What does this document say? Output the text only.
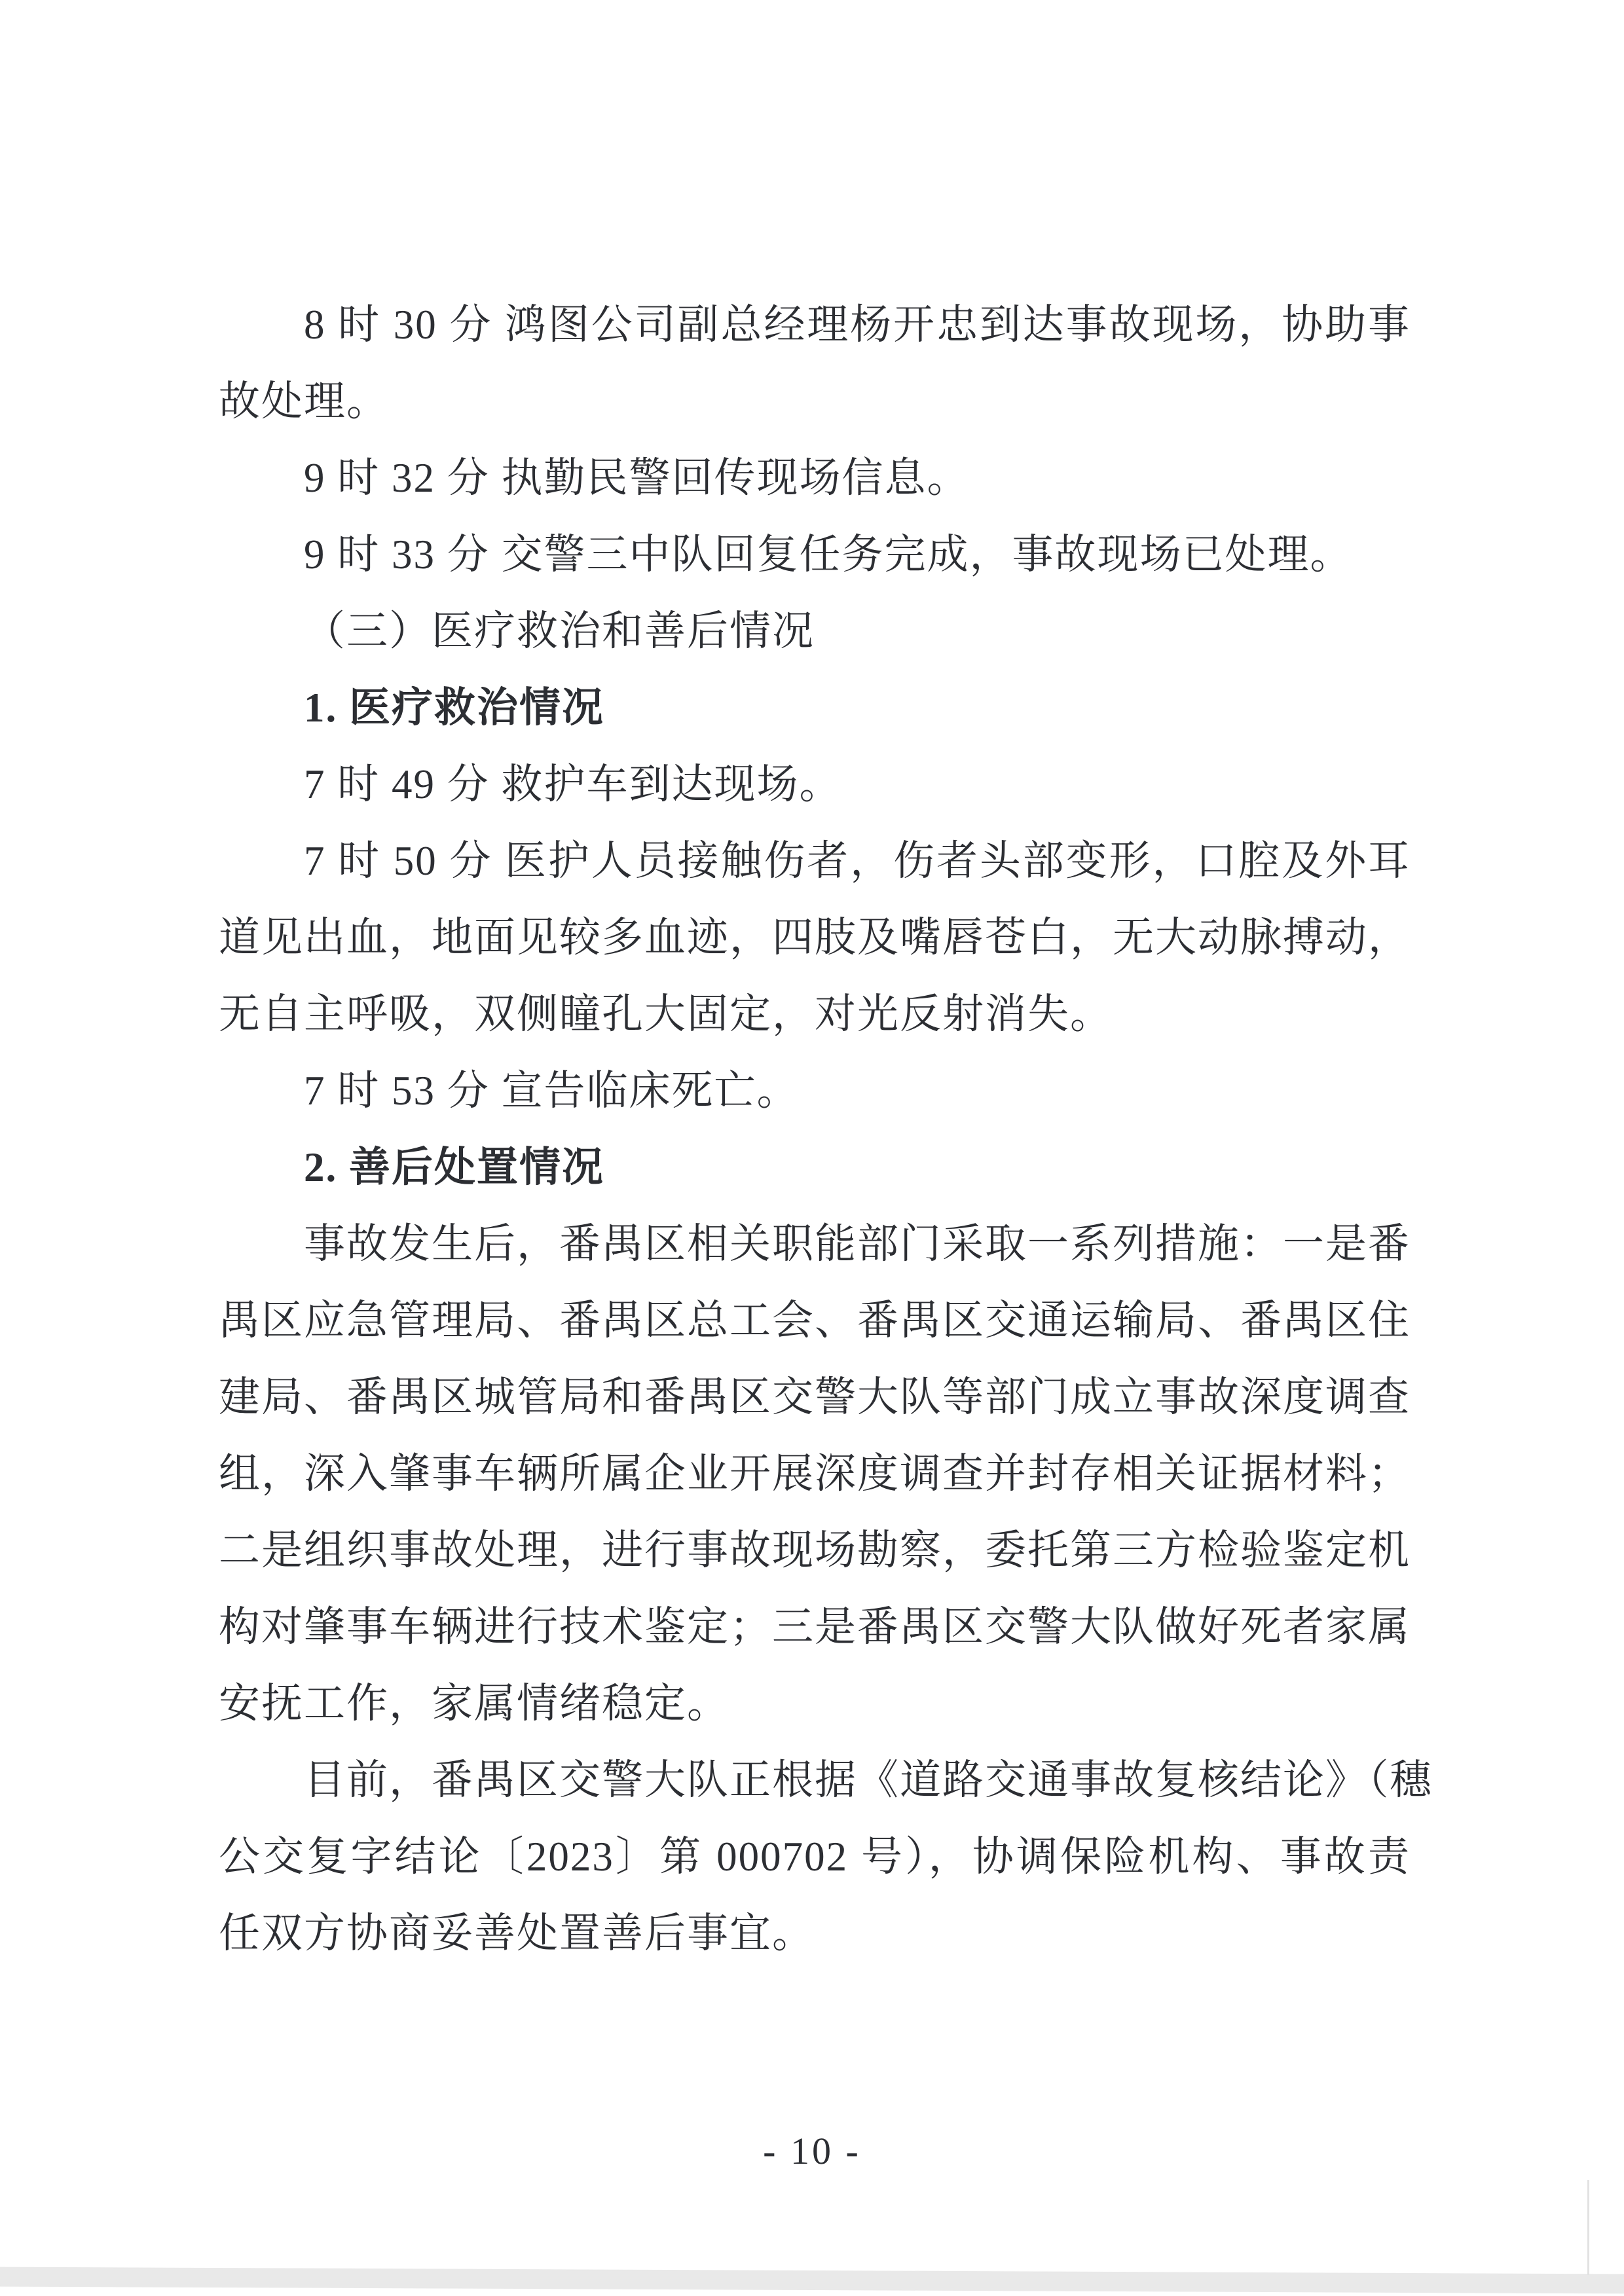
8 时 30 分 鸿图公司副总经理杨开忠到达事故现场，协助事

故处理。

9 时 32 分 执勤民警回传现场信息。

9 时 33 分 交警三中队回复任务完成，事故现场已处理。

（三）医疗救治和善后情况

1. 医疗救治情况

7 时 49 分 救护车到达现场。

7 时 50 分 医护人员接触伤者，伤者头部变形，口腔及外耳

道见出血，地面见较多血迹，四肢及嘴唇苍白，无大动脉搏动，

无自主呼吸，双侧瞳孔大固定，对光反射消失。

7 时 53 分 宣告临床死亡。

2. 善后处置情况

事故发生后，番禺区相关职能部门采取一系列措施：一是番

禺区应急管理局、番禺区总工会、番禺区交通运输局、番禺区住

建局、番禺区城管局和番禺区交警大队等部门成立事故深度调查

组，深入肇事车辆所属企业开展深度调查并封存相关证据材料；

二是组织事故处理，进行事故现场勘察，委托第三方检验鉴定机

构对肇事车辆进行技术鉴定；三是番禺区交警大队做好死者家属

安抚工作，家属情绪稳定。

目前，番禺区交警大队正根据《道路交通事故复核结论》（穗

公交复字结论〔2023〕第 000702 号），协调保险机构、事故责

任双方协商妥善处置善后事宜。

- 10 -
